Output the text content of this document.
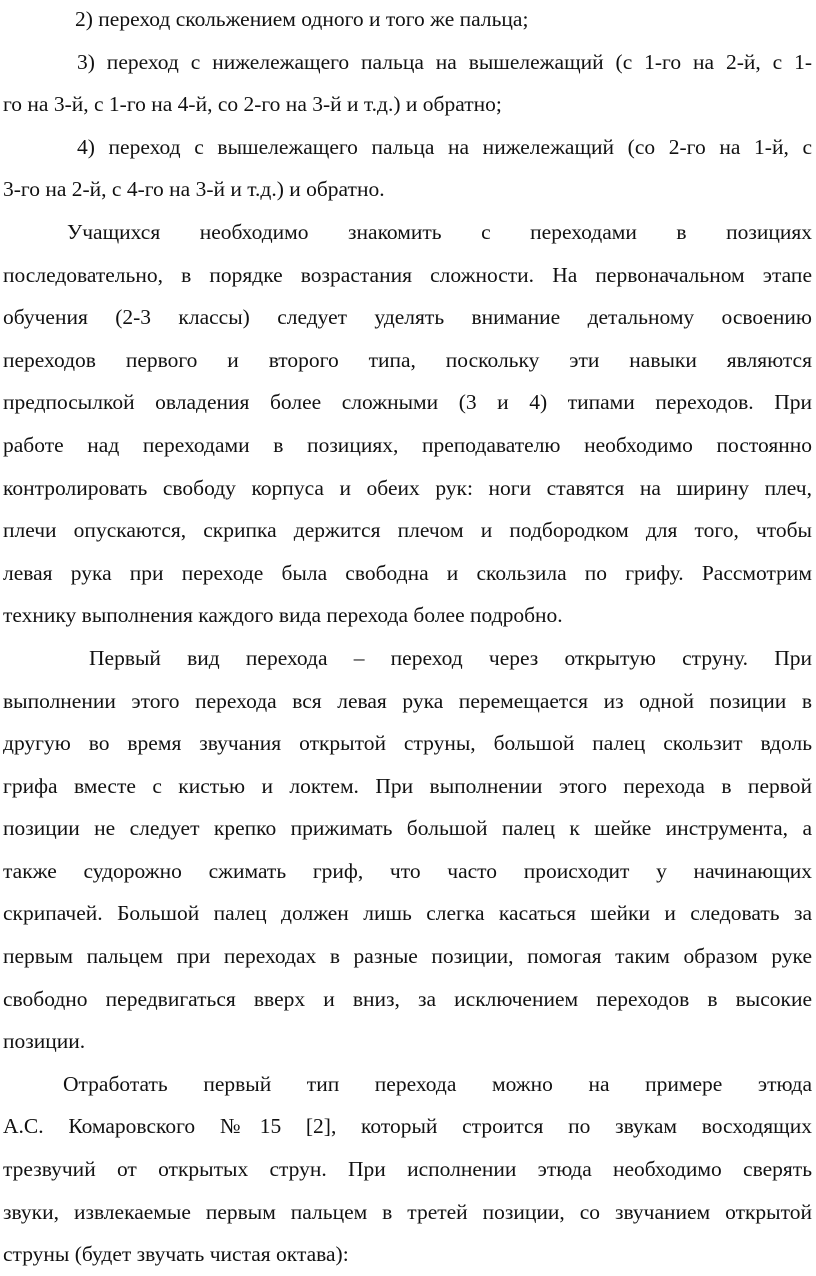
2) переход скольжением одного и того же пальца;
3) переход с нижележащего пальца на вышележащий (с 1-го на 2-й, с 1-
го на 3-й, с 1-го на 4-й, со 2-го на 3-й и т.д.) и обратно;
4) переход с вышележащего пальца на нижележащий (со 2-го на 1-й, с
3-го на 2-й, с 4-го на 3-й и т.д.) и обратно.
Учащихся необходимо знакомить с переходами в позициях
последовательно, в порядке возрастания сложности. На первоначальном этапе
обучения (2-3 классы) следует уделять внимание детальному освоению
переходов первого и второго типа, поскольку эти навыки являются
предпосылкой овладения более сложными (3 и 4) типами переходов. При
работе над переходами в позициях, преподавателю необходимо постоянно
контролировать свободу корпуса и обеих рук: ноги ставятся на ширину плеч,
плечи опускаются, скрипка держится плечом и подбородком для того, чтобы
левая рука при переходе была свободна и скользила по грифу. Рассмотрим
технику выполнения каждого вида перехода более подробно.
Первый вид перехода – переход через открытую струну. При
выполнении этого перехода вся левая рука перемещается из одной позиции в
другую во время звучания открытой струны, большой палец скользит вдоль
грифа вместе с кистью и локтем. При выполнении этого перехода в первой
позиции не следует крепко прижимать большой палец к шейке инструмента, а
также судорожно сжимать гриф, что часто происходит у начинающих
скрипачей. Большой палец должен лишь слегка касаться шейки и следовать за
первым пальцем при переходах в разные позиции, помогая таким образом руке
свободно передвигаться вверх и вниз, за исключением переходов в высокие
позиции.
Отработать первый тип перехода можно на примере этюда
А.С. Комаровского №15 [2], который строится по звукам восходящих
трезвучий от открытых струн. При исполнении этюда необходимо сверять
звуки, извлекаемые первым пальцем в третей позиции, со звучанием открытой
струны (будет звучать чистая октава):
